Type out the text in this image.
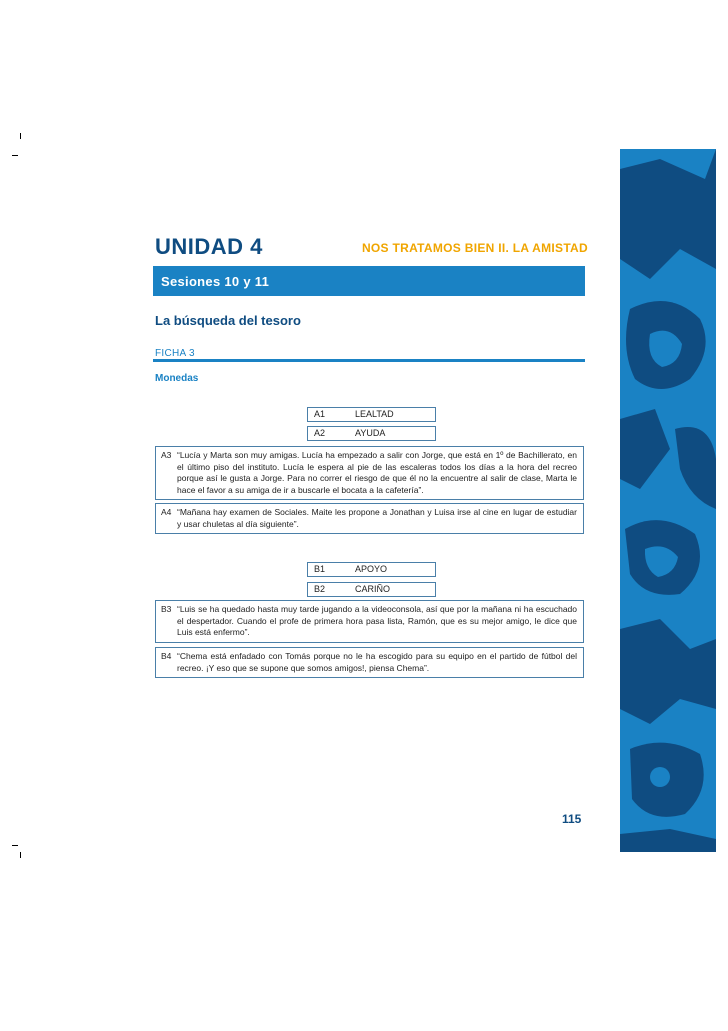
UNIDAD 4	NOS TRATAMOS BIEN II. LA AMISTAD
Sesiones 10 y 11
La búsqueda del tesoro
FICHA 3
Monedas
A1	LEALTAD
A2	AYUDA
A3 “Lucía y Marta son muy amigas. Lucía ha empezado a salir con Jorge, que está en 1º de Bachillerato, en el último piso del instituto. Lucía le espera al pie de las escaleras todos los días a la hora del recreo porque así le gusta a Jorge. Para no correr el riesgo de que él no la encuentre al salir de clase, Marta le hace el favor a su amiga de ir a buscarle el bocata a la cafetería”.
A4 “Mañana hay examen de Sociales. Maite les propone a Jonathan y Luisa irse al cine en lugar de estudiar y usar chuletas al día siguiente”.
B1	APOYO
B2	CARIÑO
B3 “Luis se ha quedado hasta muy tarde jugando a la videoconsola, así que por la mañana ni ha escuchado el despertador. Cuando el profe de primera hora pasa lista, Ramón, que es su mejor amigo, le dice que Luis está enfermo”.
B4 “Chema está enfadado con Tomás porque no le ha escogido para su equipo en el partido de fútbol del recreo. ¡Y eso que se supone que somos amigos!, piensa Chema”.
115
